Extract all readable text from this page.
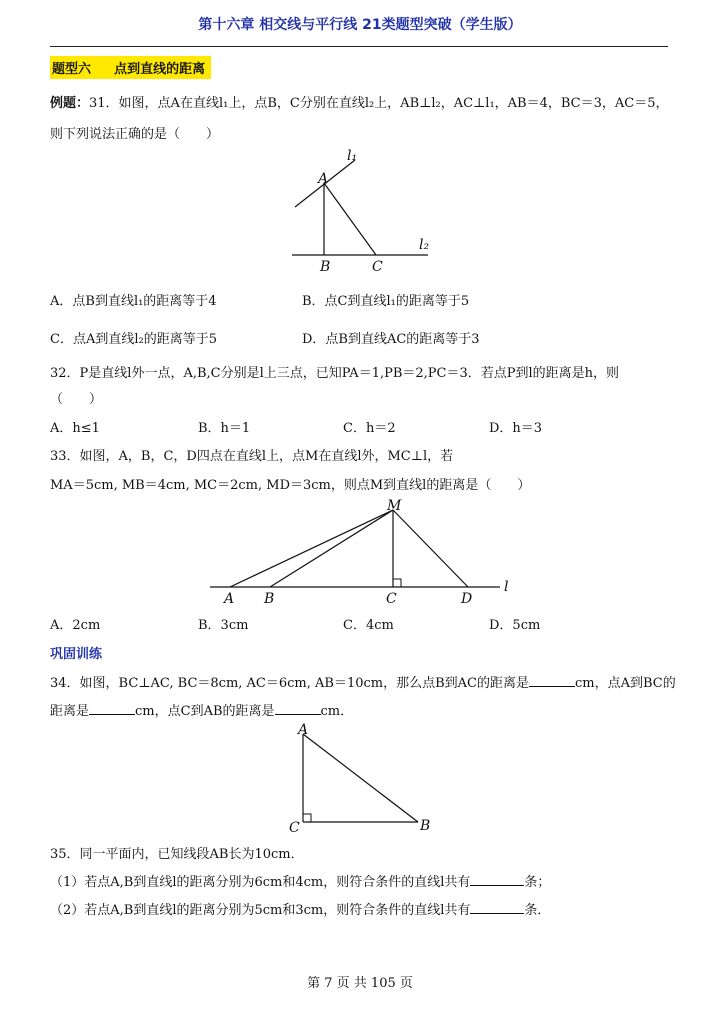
第十六章 相交线与平行线 21类题型突破（学生版）
题型六 点到直线的距离
例题：31．如图，点A在直线l₁上，点B，C分别在直线l₂上，AB⊥l₂，AC⊥l₁，AB＝4，BC＝3，AC＝5，
则下列说法正确的是（　　）
A
B	C
l₁
l₂
A．点B到直线l₁的距离等于4	B．点C到直线l₁的距离等于5
C．点A到直线l₂的距离等于5	D．点B到直线AC的距离等于3
32．P是直线l外一点，A,B,C分别是l上三点，已知PA＝1,PB＝2,PC＝3．若点P到l的距离是h，则
（　　）
A．h≤1	B．h＝1	C．h＝2	D．h＝3
33．如图，A，B，C，D四点在直线l上，点M在直线l外，MC⊥l，若
MA＝5cm, MB＝4cm, MC＝2cm, MD＝3cm，则点M到直线l的距离是（　　）
M
A B	C	D
l
A．2cm	B．3cm	C．4cm	D．5cm
巩固训练
34．如图，BC⊥AC, BC＝8cm, AC＝6cm, AB＝10cm，那么点B到AC的距离是	cm，点A到BC的
距离是	cm，点C到AB的距离是	cm．
A
B
C
35．同一平面内，已知线段AB长为10cm．
（1）若点A,B到直线l的距离分别为6cm和4cm，则符合条件的直线l共有	条；
（2）若点A,B到直线l的距离分别为5cm和3cm，则符合条件的直线l共有	条．
第 7 页 共 105 页
